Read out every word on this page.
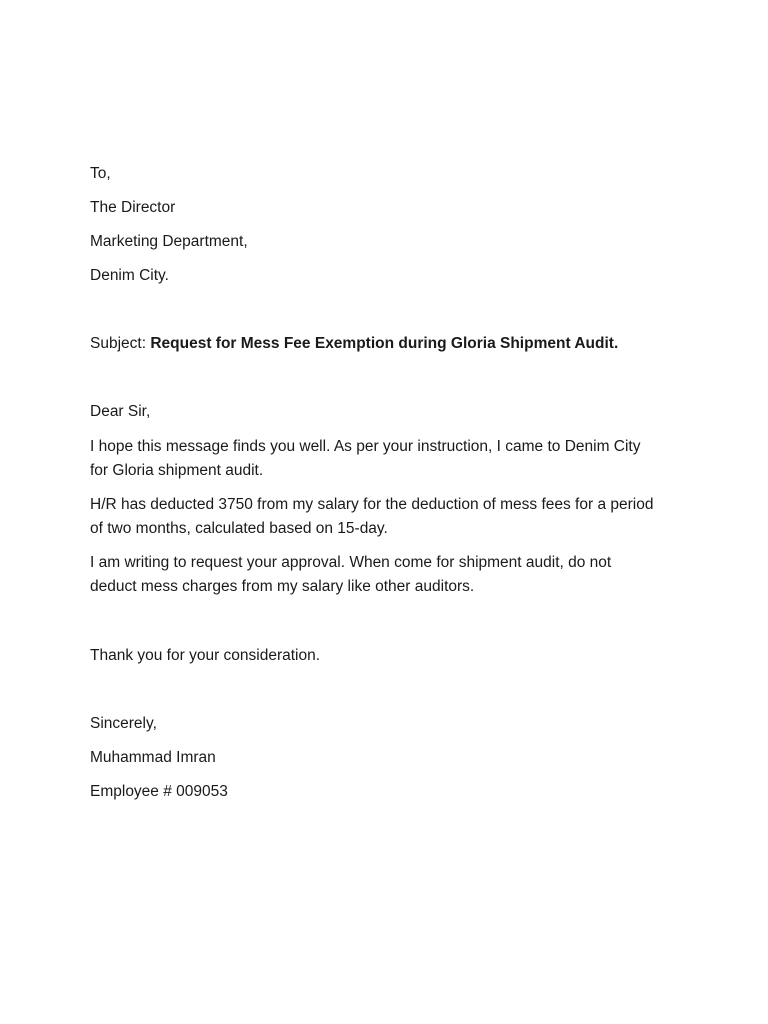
To,
The Director
Marketing Department,
Denim City.
Subject: Request for Mess Fee Exemption during Gloria Shipment Audit.
Dear Sir,
I hope this message finds you well. As per your instruction, I came to Denim City
for Gloria shipment audit.
H/R has deducted 3750 from my salary for the deduction of mess fees for a period
of two months, calculated based on 15-day.
I am writing to request your approval. When come for shipment audit, do not
deduct mess charges from my salary like other auditors.
Thank you for your consideration.
Sincerely,
Muhammad Imran
Employee # 009053
